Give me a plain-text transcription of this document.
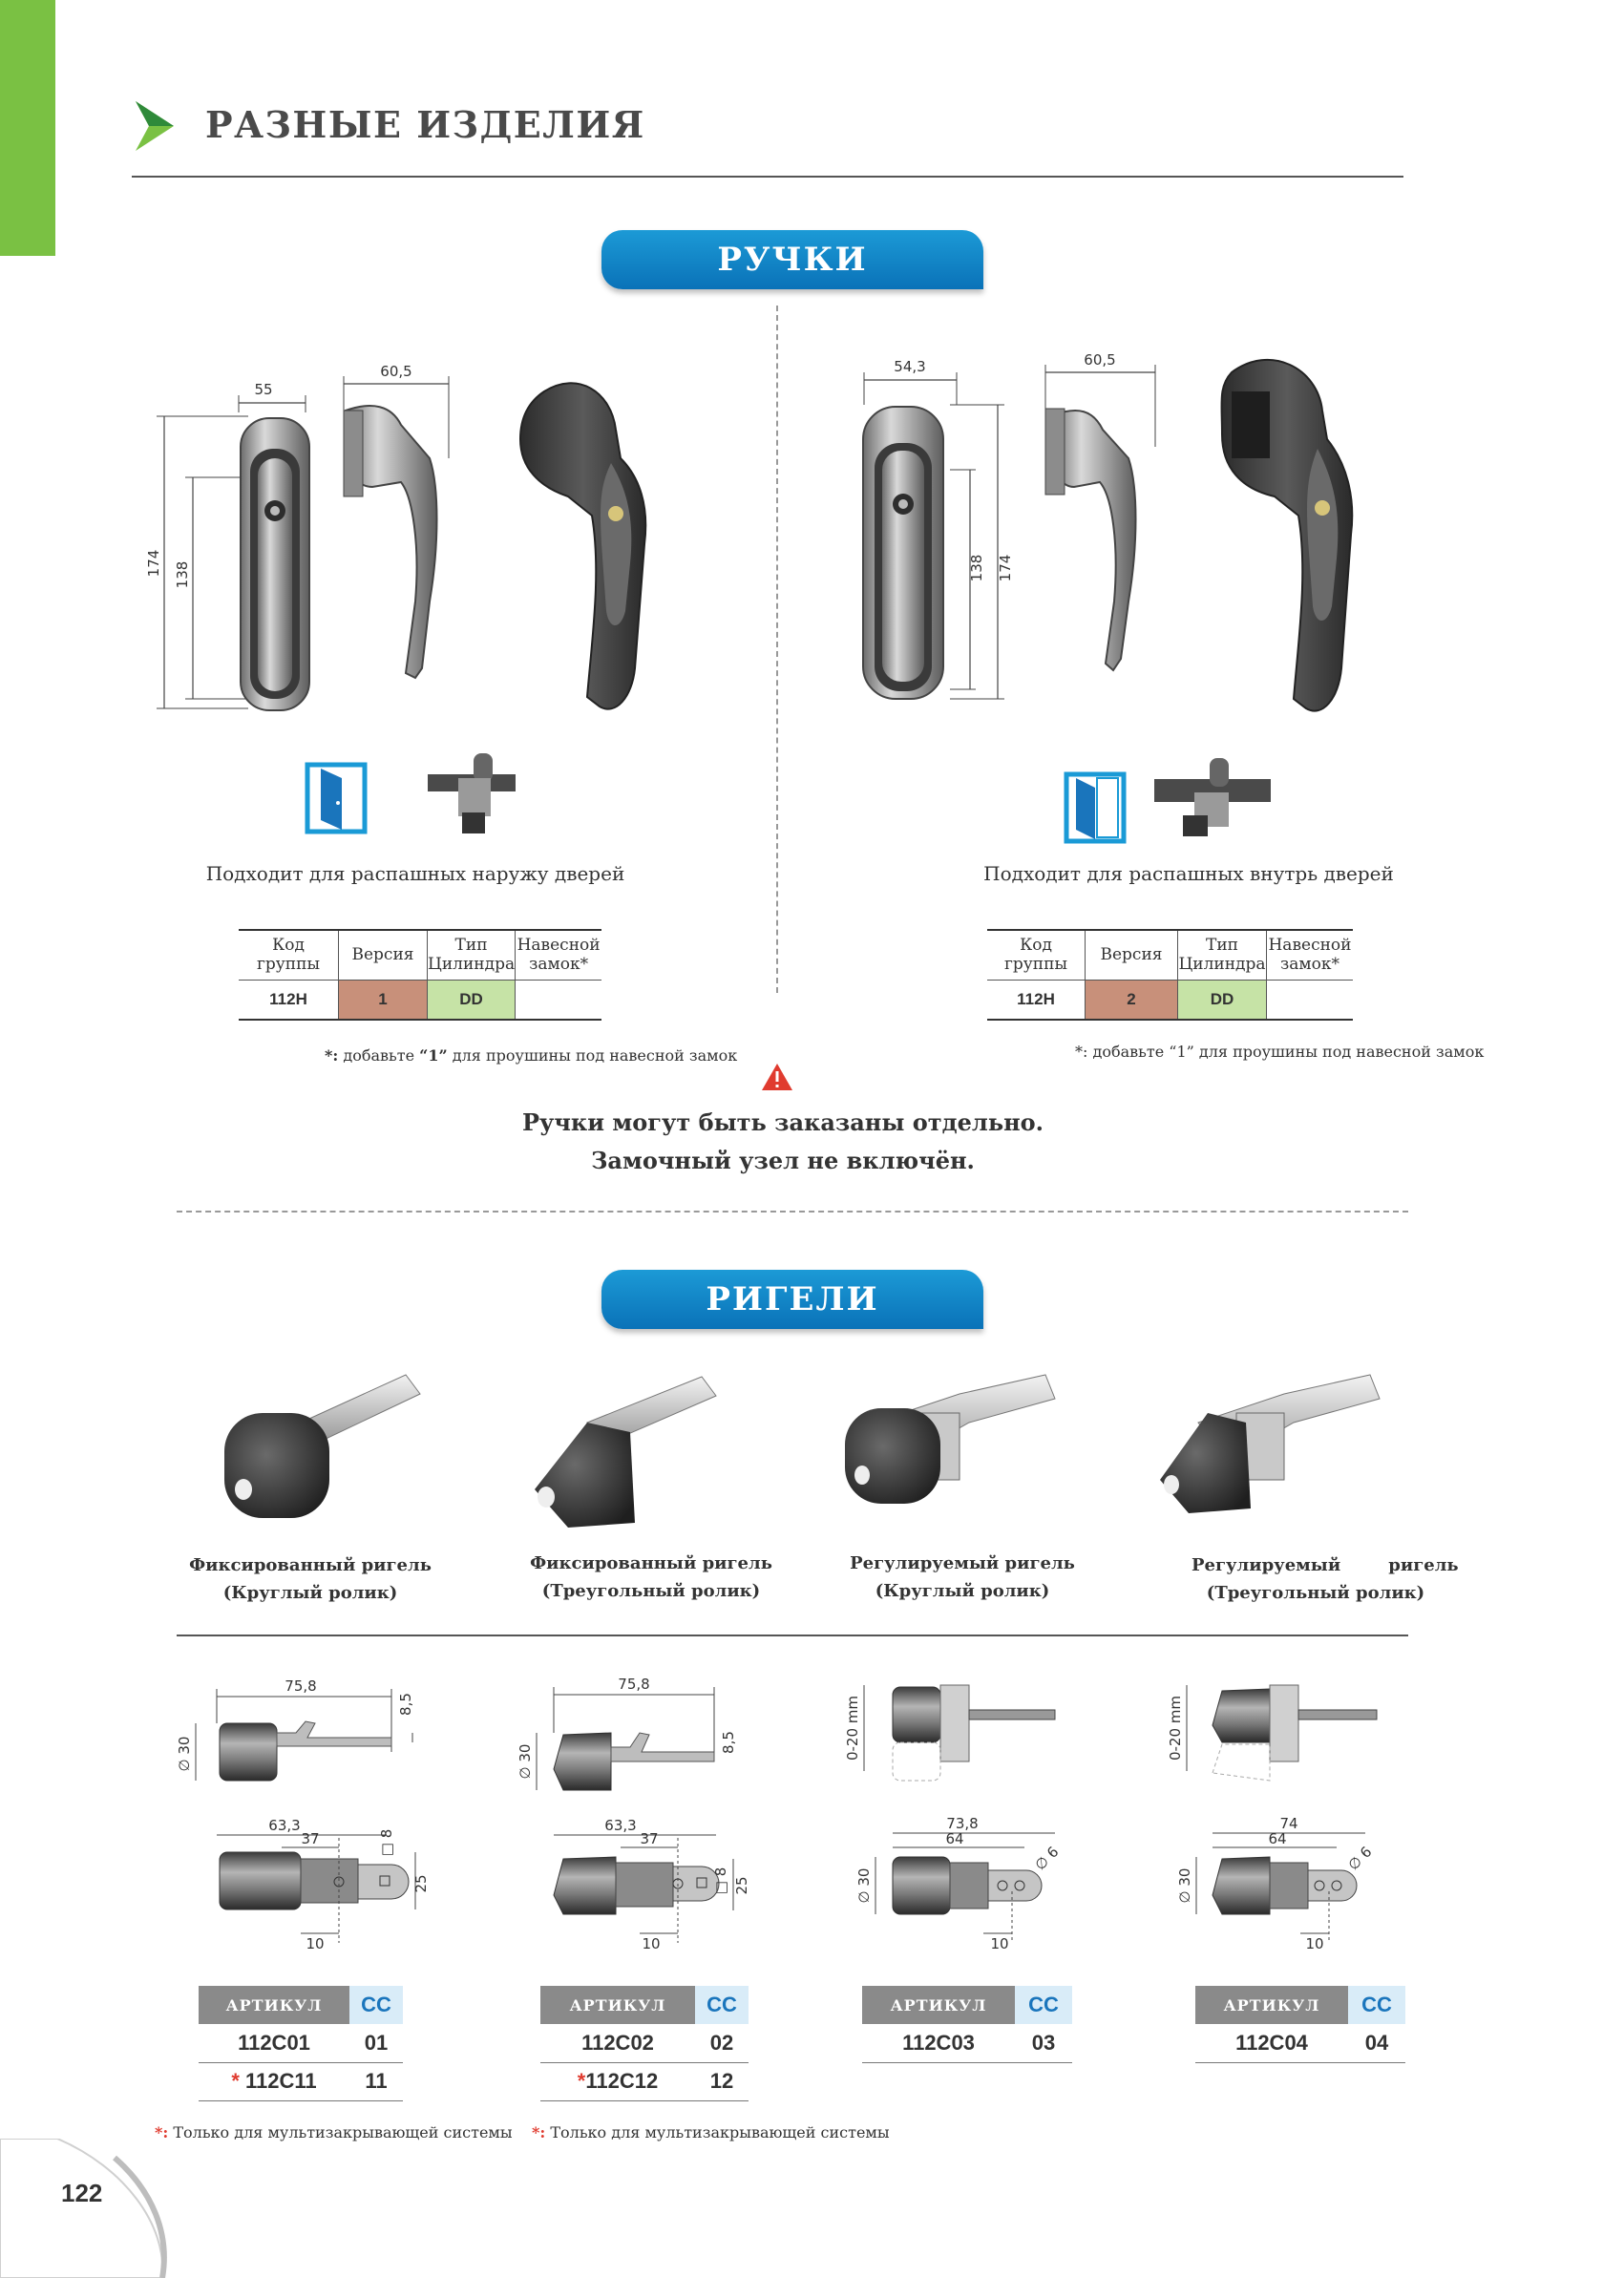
РАЗНЫЕ ИЗДЕЛИЯ
РУЧКИ
55
60,5
174 138
Подходит для распашных наружу дверей
Код группы	Версия	Тип Цилиндра	Навесной замок*
112H	1	DD	
*: добавьте “1” для проушины под навесной замок
54,3	60,5
174
138
Подходит для распашных внутрь дверей
Код группы	Версия	Тип Цилиндра	Навесной замок*
112H	2	DD	
*: добавьте “1” для проушины под навесной замок
Ручки могут быть заказаны отдельно.
Замочный узел не включён.
РИГЕЛИ
Фиксированный ригель
(Круглый ролик)
Фиксированный ригель
(Треугольный ролик)
Регулируемый ригель
(Круглый ролик)
Регулируемый        ригель
(Треугольный ролик)
75,8
8,5
∅ 30
63,3
37	□ 8
25
10
75,8
8,5
∅ 30
63,3
37
□ 8 25
10
0-20 mm
73,8
64
∅ 6
∅ 30
10
0-20 mm
74
64
∅ 6
∅ 30
10
АРТИКУЛ	CC
112C01	01
* 112C11	11
АРТИКУЛ	CC
112C02	02
*112C12	12
АРТИКУЛ	CC
112C03	03
АРТИКУЛ	CC
112C04	04
*: Только для мультизакрывающей системы *: Только для мультизакрывающей системы
122
